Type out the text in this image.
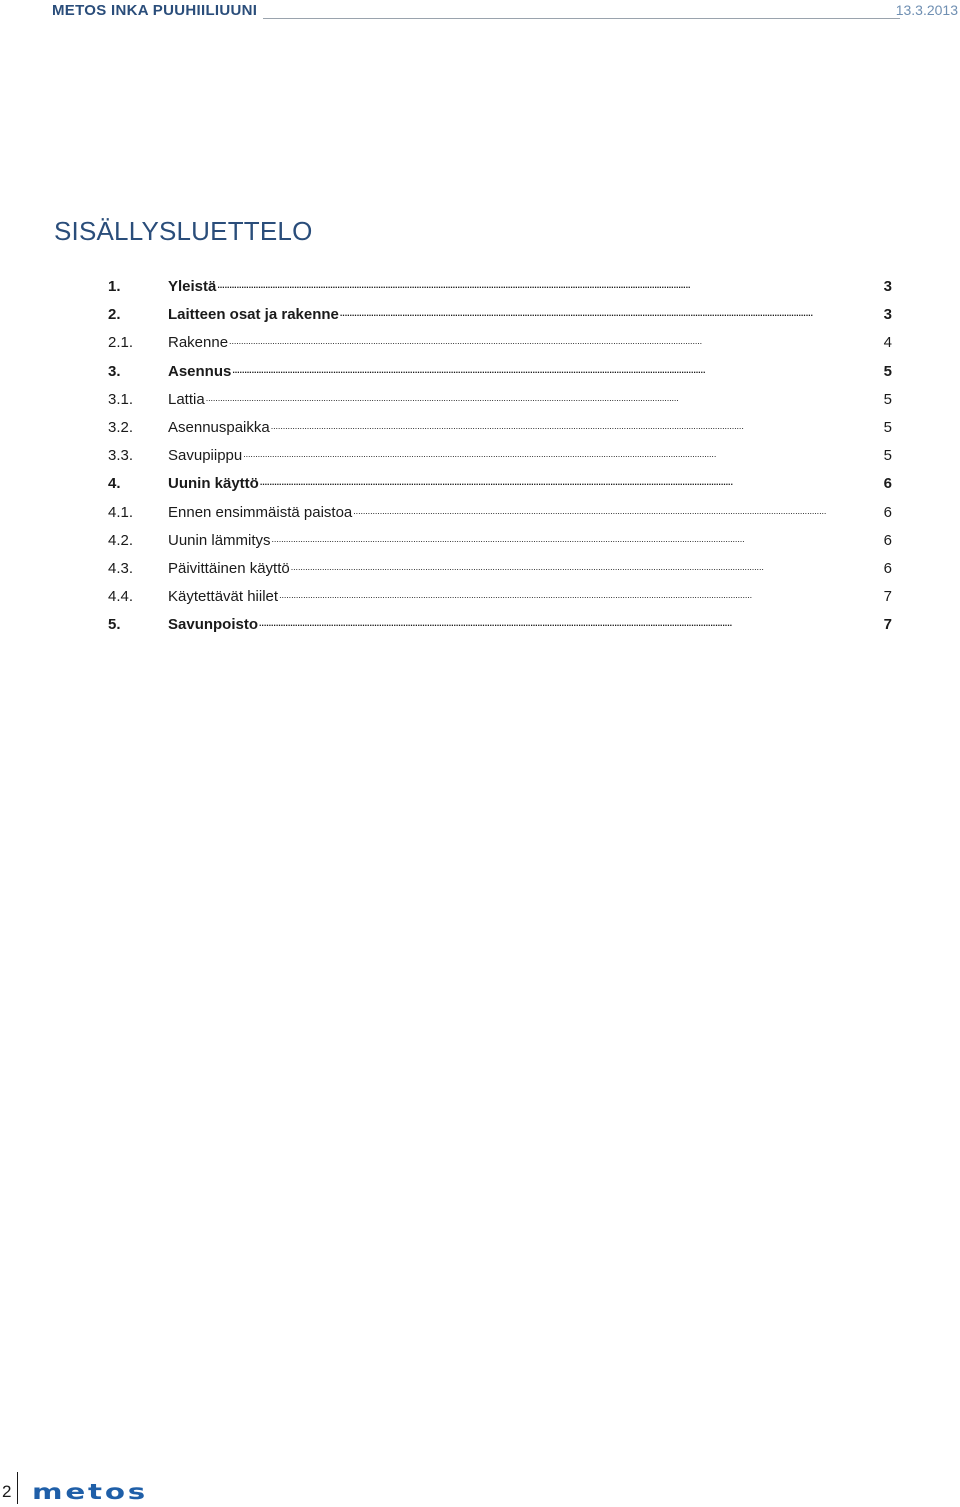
METOS INKA PUUHIILIUUNI	13.3.2013
SISÄLLYSLUETTELO
1.	Yleistä . . .	3
2.	Laitteen osat ja rakenne . . .	3
2.1.	Rakenne . . .	4
3.	Asennus . . .	5
3.1.	Lattia . . .	5
3.2.	Asennuspaikka . . .	5
3.3.	Savupiippu . . .	5
4.	Uunin käyttö . . .	6
4.1.	Ennen ensimmäistä paistoa . . .	6
4.2.	Uunin lämmitys . . .	6
4.3.	Päivittäinen käyttö . . .	6
4.4.	Käytettävät hiilet . . .	7
5.	Savunpoisto . . .	7
2 metos
